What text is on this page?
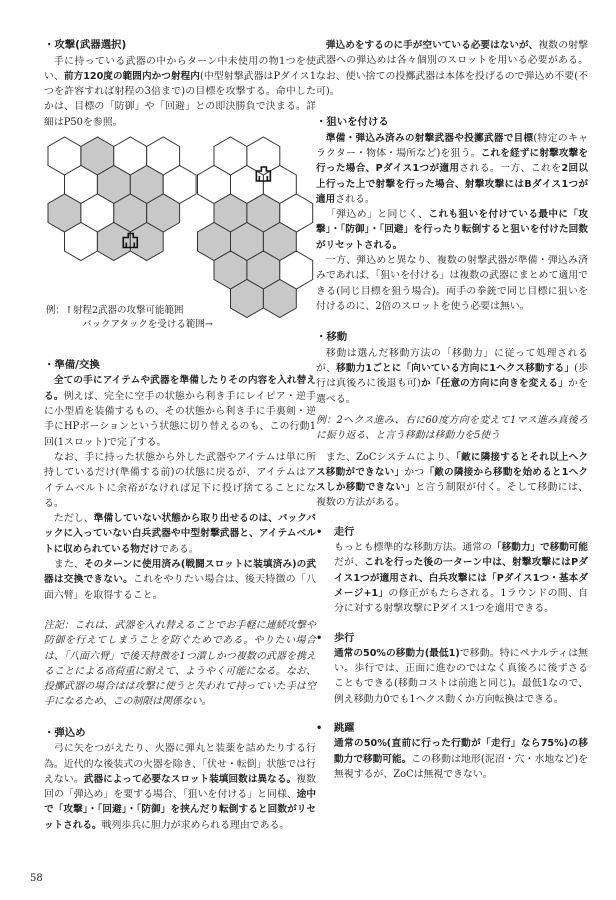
・攻撃(武器選択)

手に持っている武器の中からターン中未使用の物1つを使い、前方120度の範囲内かつ射程内(中型射撃武器はPダイス1つを許容すれば射程の3倍まで)の目標を攻撃する。命中したかは、目標の「防御」や「回避」との即決勝負で決まる。詳細はP50を参照。

例：↑射程2武器の攻撃可能範囲
バックアタックを受ける範囲→
・準備/交換

全ての手にアイテムや武器を準備したりその内容を入れ替える。例えば、完全に空手の状態から利き手にレイピア・逆手に小型盾を装備するもの、その状態から利き手に手裏剣・逆手にHPポーションという状態に切り替えるのも、この行動1回(1スロット)で完了する。

なお、手に持った状態から外した武器やアイテムは単に所持しているだけ(準備する前)の状態に戻るが、アイテムはアイテムベルトに余裕がなければ足下に投げ捨てることになる。

ただし、準備していない状態から取り出せるのは、バックパックに入っていない白兵武器や中型射撃武器と、アイテムベルトに収められている物だけである。

また、そのターンに使用済み(戦闘スロットに装填済み)の武器は交換できない。これをやりたい場合は、後天特徴の「八面六臂」を取得すること。

注記：これは、武器を入れ替えることでお手軽に連続攻撃や防御を行えてしまうことを防ぐためである。やりたい場合は、「八面六臂」で後天特徴を1つ潰しかつ複数の武器を携えることによる高荷重に耐えて、ようやく可能になる。なお、投擲武器の場合はは攻撃に使うと失われて持っていた手は空手になるため、この制限は関係ない。

・弾込め

弓に矢をつがえたり、火器に弾丸と装薬を詰めたりする行為。近代的な後装式の火器を除き、「伏せ・転倒」状態では行えない。武器によって必要なスロット装填回数は異なる。複数回の「弾込め」を要する場合、「狙いを付ける」と同様、途中で「攻撃」・「回避」・「防御」を挟んだり転倒すると回数がリセットされる。戦列歩兵に胆力が求められる理由である。

弾込めをするのに手が空いている必要はないが、複数の射撃武器への弾込めは各々個別のスロットを用いる必要がある。なお、使い捨ての投擲武器は本体を投げるので弾込め不要(不可)。

・狙いを付ける

準備・弾込み済みの射撃武器や投擲武器で目標(特定のキャラクター・物体・場所など)を狙う。これを経ずに射撃攻撃を行った場合、Pダイス1つが適用される。一方、これを2回以上行った上で射撃を行った場合、射撃攻撃にはBダイス1つが適用される。

「弾込め」と同じく、これも狙いを付けている最中に「攻撃」・「防御」・「回避」を行ったり転倒すると狙いを付けた回数がリセットされる。

一方、弾込めと異なり、複数の射撃武器が準備・弾込み済みであれば、「狙いを付ける」は複数の武器にまとめて適用できる(同じ目標を狙う場合)。両手の拳銃で同じ目標に狙いを付けるのに、2倍のスロットを使う必要は無い。

・移動

移動は選んだ移動方法の「移動力」に従って処理されるが、移動力1ごとに「向いている方向に1ヘクス移動する」(歩行は真後ろに後退も可)か「任意の方向に向きを変える」かを選べる。

例：2ヘクス進み、右に60度方向を変えて1マス進み真後ろに振り返る、と言う移動は移動力を5使う

また、ZoCシステムにより、「敵に隣接するとそれ以上ヘクス移動ができない」かつ「敵の隣接から移動を始めると1ヘクスしか移動できない」と言う制限が付く。そして移動には、複数の方法がある。

• 走行

もっとも標準的な移動方法。通常の「移動力」で移動可能だが、これを行った後の一ターン中は、射撃攻撃にはPダイス1つが適用され、白兵攻撃には「Pダイス1つ・基本ダメージ+1」の修正がもたらされる。1ラウンドの間、自分に対する射撃攻撃にPダイス1つを適用できる。

• 歩行

通常の50%の移動力(最低1)で移動。特にペナルティは無い。歩行では、正面に進むのではなく真後ろに後ずさることもできる(移動コストは前進と同じ)。最低1なので、例え移動力0でも1ヘクス動くか方向転換はできる。

• 跳躍

通常の50%(直前に行った行動が「走行」なら75%)の移動力で移動可能。この移動は地形(泥沼・穴・水地など)を無視するが、ZoCは無視できない。

58
